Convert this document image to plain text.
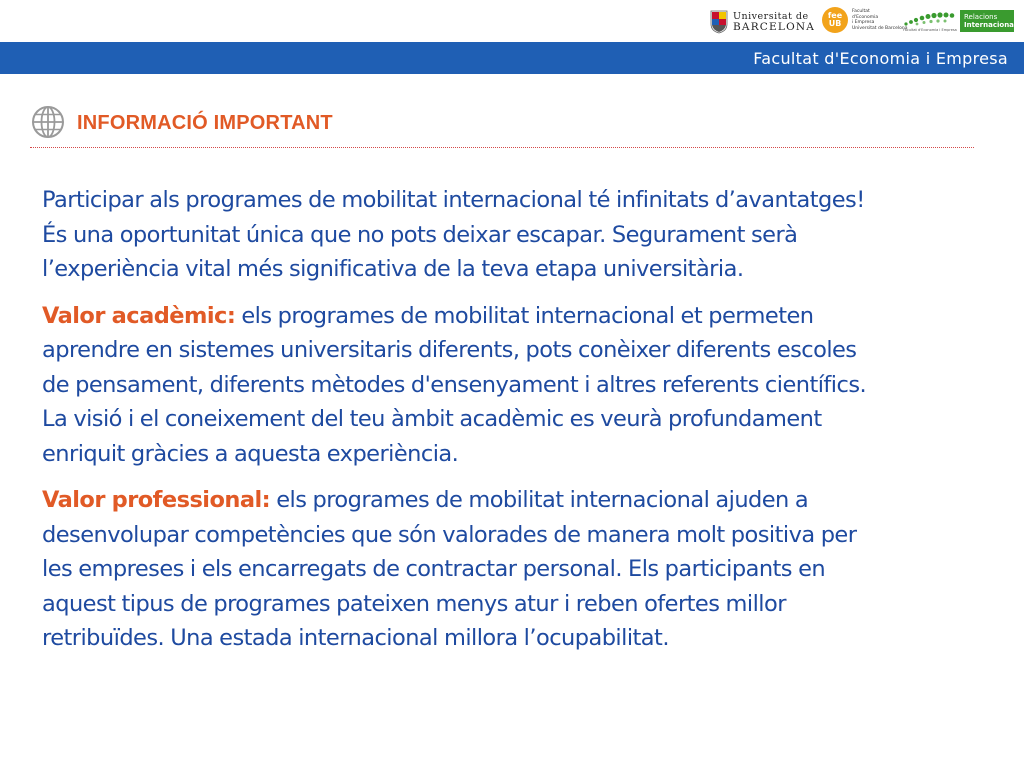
Universitat de
BARCELONA
fee
UB
Facultat
d'Economia
i Empresa
Universitat de Barcelona
Facultat d'Economia i Empresa
Relacions
Internacionals
Facultat d'Economia i Empresa
INFORMACIÓ IMPORTANT

Participar als programes de mobilitat internacional té infinitats d’avantatges!
És una oportunitat única que no pots deixar escapar. Segurament serà
l’experiència vital més significativa de la teva etapa universitària.

Valor acadèmic: els programes de mobilitat internacional et permeten
aprendre en sistemes universitaris diferents, pots conèixer diferents escoles
de pensament, diferents mètodes d'ensenyament i altres referents científics.
La visió i el coneixement del teu àmbit acadèmic es veurà profundament
enriquit gràcies a aquesta experiència.

Valor professional: els programes de mobilitat internacional ajuden a
desenvolupar competències que són valorades de manera molt positiva per
les empreses i els encarregats de contractar personal. Els participants en
aquest tipus de programes pateixen menys atur i reben ofertes millor
retribuïdes. Una estada internacional millora l’ocupabilitat.
